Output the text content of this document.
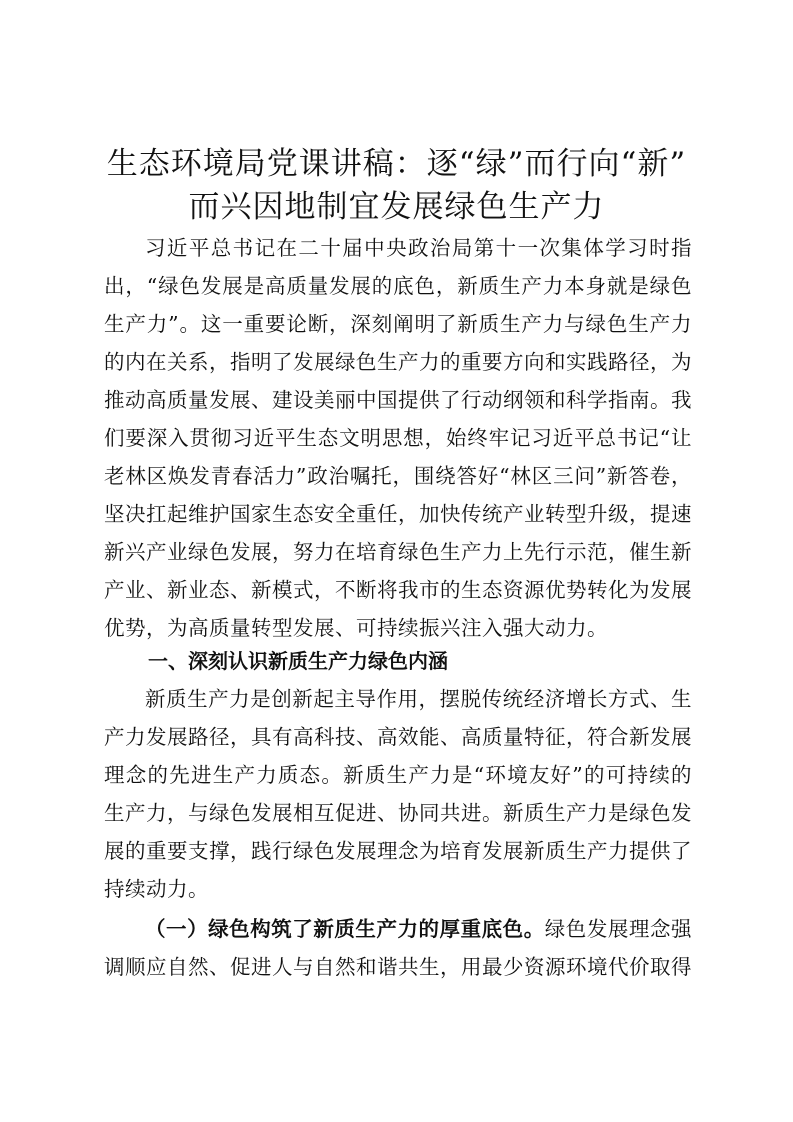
生态环境局党课讲稿：逐“绿”而行向“新”
而兴因地制宜发展绿色生产力

习近平总书记在二十届中央政治局第十一次集体学习时指出，“绿色发展是高质量发展的底色，新质生产力本身就是绿色生产力”。这一重要论断，深刻阐明了新质生产力与绿色生产力的内在关系，指明了发展绿色生产力的重要方向和实践路径，为推动高质量发展、建设美丽中国提供了行动纲领和科学指南。我们要深入贯彻习近平生态文明思想，始终牢记习近平总书记“让老林区焕发青春活力”政治嘱托，围绕答好“林区三问”新答卷，坚决扛起维护国家生态安全重任，加快传统产业转型升级，提速新兴产业绿色发展，努力在培育绿色生产力上先行示范，催生新产业、新业态、新模式，不断将我市的生态资源优势转化为发展优势，为高质量转型发展、可持续振兴注入强大动力。

一、深刻认识新质生产力绿色内涵

新质生产力是创新起主导作用，摆脱传统经济增长方式、生产力发展路径，具有高科技、高效能、高质量特征，符合新发展理念的先进生产力质态。新质生产力是“环境友好”的可持续的生产力，与绿色发展相互促进、协同共进。新质生产力是绿色发展的重要支撑，践行绿色发展理念为培育发展新质生产力提供了持续动力。

（一）绿色构筑了新质生产力的厚重底色。绿色发展理念强调顺应自然、促进人与自然和谐共生，用最少资源环境代价取得
